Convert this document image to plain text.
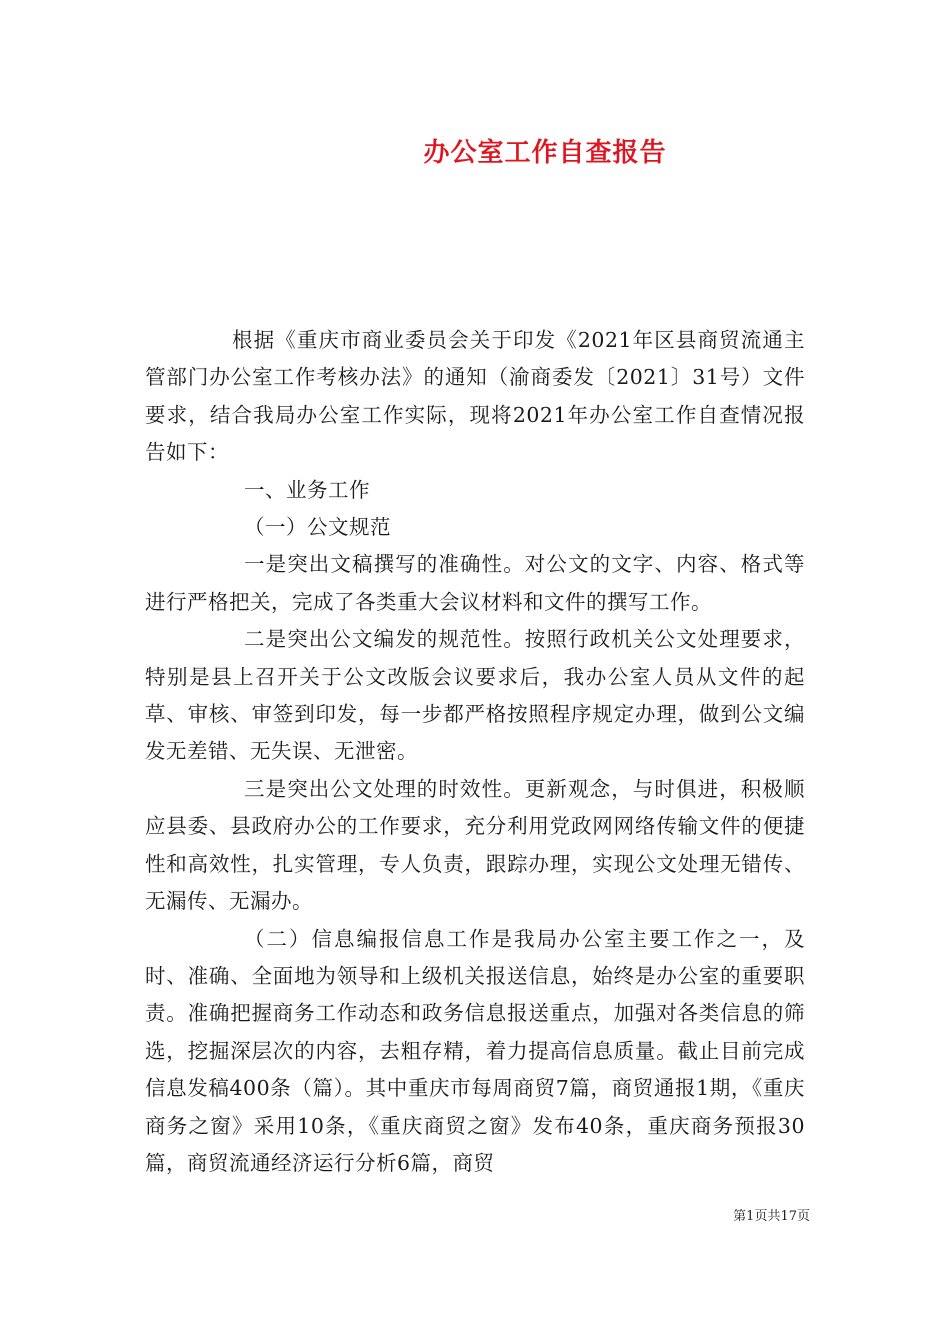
办公室工作自查报告

根据《重庆市商业委员会关于印发《2021年区县商贸流通主管部门办公室工作考核办法》的通知（渝商委发〔2021〕31号）文件要求，结合我局办公室工作实际，现将2021年办公室工作自查情况报告如下：

一、业务工作

（一）公文规范

一是突出文稿撰写的准确性。对公文的文字、内容、格式等进行严格把关，完成了各类重大会议材料和文件的撰写工作。

二是突出公文编发的规范性。按照行政机关公文处理要求，特别是县上召开关于公文改版会议要求后，我办公室人员从文件的起草、审核、审签到印发，每一步都严格按照程序规定办理，做到公文编发无差错、无失误、无泄密。

三是突出公文处理的时效性。更新观念，与时俱进，积极顺应县委、县政府办公的工作要求，充分利用党政网网络传输文件的便捷性和高效性，扎实管理，专人负责，跟踪办理，实现公文处理无错传、无漏传、无漏办。

（二）信息编报信息工作是我局办公室主要工作之一，及时、准确、全面地为领导和上级机关报送信息，始终是办公室的重要职责。准确把握商务工作动态和政务信息报送重点，加强对各类信息的筛选，挖掘深层次的内容，去粗存精，着力提高信息质量。截止目前完成信息发稿400条（篇）。其中重庆市每周商贸7篇，商贸通报1期，《重庆商务之窗》采用10条，《重庆商贸之窗》发布40条，重庆商务预报30篇，商贸流通经济运行分析6篇，商贸

第1页共17页
